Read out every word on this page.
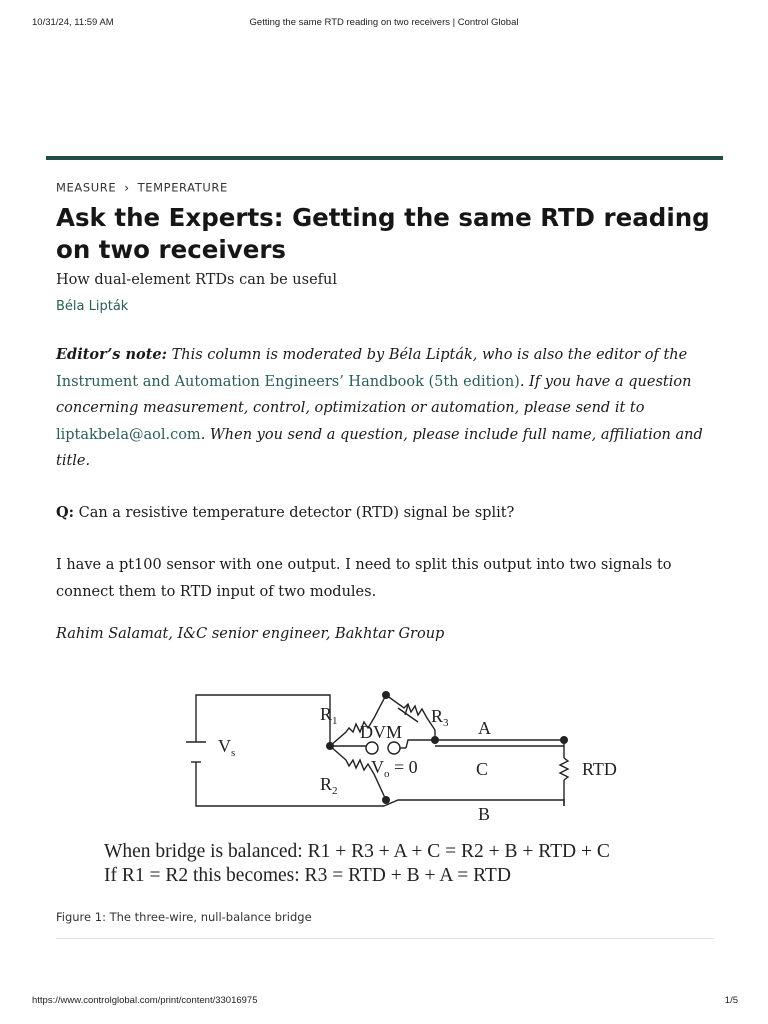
10/31/24, 11:59 AM	Getting the same RTD reading on two receivers | Control Global
MEASURE › TEMPERATURE
Ask the Experts: Getting the same RTD reading on two receivers
How dual-element RTDs can be useful
Béla Lipták
Editor’s note: This column is moderated by Béla Lipták, who is also the editor of the Instrument and Automation Engineers’ Handbook (5th edition). If you have a question concerning measurement, control, optimization or automation, please send it to liptakbela@aol.com. When you send a question, please include full name, affiliation and title.
Q: Can a resistive temperature detector (RTD) signal be split?
I have a pt100 sensor with one output. I need to split this output into two signals to connect them to RTD input of two modules.
Rahim Salamat, I&C senior engineer, Bakhtar Group
$R_1$
$R_2$
$R_3$
$V_s$
DVM
$V_o = 0$
A
C
B
RTD
When bridge is balanced: R1 + R3 + A + C = R2 + B + RTD + C
If R1 = R2 this becomes: R3 = RTD + B + A = RTD
Figure 1: The three-wire, null-balance bridge
https://www.controlglobal.com/print/content/33016975	1/5
